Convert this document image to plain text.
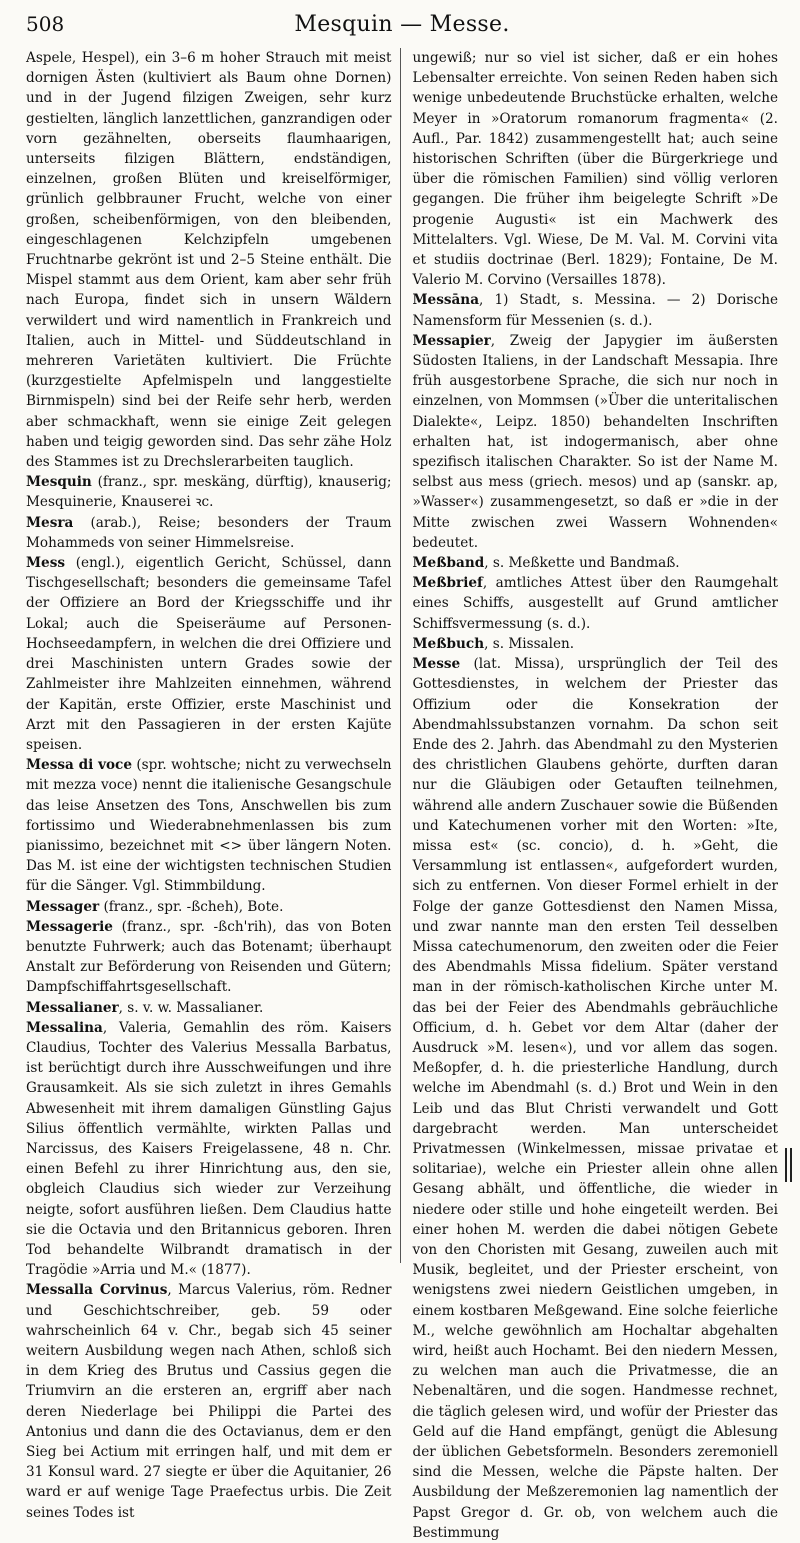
508	Mesquin — Messe.

Aspele, Hespel), ein 3–6 m hoher Strauch mit meist dornigen Ästen (kultiviert als Baum ohne Dornen) und in der Jugend filzigen Zweigen, sehr kurz gestielten, länglich lanzettlichen, ganzrandigen oder vorn gezähnelten, oberseits flaumhaarigen, unterseits filzigen Blättern, endständigen, einzelnen, großen Blüten und kreiselförmiger, grünlich gelbbrauner Frucht, welche von einer großen, scheibenförmigen, von den bleibenden, eingeschlagenen Kelchzipfeln umgebenen Fruchtnarbe gekrönt ist und 2–5 Steine enthält. Die Mispel stammt aus dem Orient, kam aber sehr früh nach Europa, findet sich in unsern Wäldern verwildert und wird namentlich in Frankreich und Italien, auch in Mittel- und Süddeutschland in mehreren Varietäten kultiviert. Die Früchte (kurzgestielte Apfelmispeln und langgestielte Birnmispeln) sind bei der Reife sehr herb, werden aber schmackhaft, wenn sie einige Zeit gelegen haben und teigig geworden sind. Das sehr zähe Holz des Stammes ist zu Drechslerarbeiten tauglich.

Mesquin (franz., spr. meskäng, dürftig), knauserig; Mesquinerie, Knauserei ꝛc.

Mesra (arab.), Reise; besonders der Traum Mohammeds von seiner Himmelsreise.

Mess (engl.), eigentlich Gericht, Schüssel, dann Tischgesellschaft; besonders die gemeinsame Tafel der Offiziere an Bord der Kriegsschiffe und ihr Lokal; auch die Speiseräume auf Personen-Hochseedampfern, in welchen die drei Offiziere und drei Maschinisten untern Grades sowie der Zahlmeister ihre Mahlzeiten einnehmen, während der Kapitän, erste Offizier, erste Maschinist und Arzt mit den Passagieren in der ersten Kajüte speisen.

Messa di voce (spr. wohtsche; nicht zu verwechseln mit mezza voce) nennt die italienische Gesangschule das leise Ansetzen des Tons, Anschwellen bis zum fortissimo und Wiederabnehmenlassen bis zum pianissimo, bezeichnet mit <> über längern Noten. Das M. ist eine der wichtigsten technischen Studien für die Sänger. Vgl. Stimmbildung.

Messager (franz., spr. -ßcheh), Bote.

Messagerie (franz., spr. -ßch'rih), das von Boten benutzte Fuhrwerk; auch das Botenamt; überhaupt Anstalt zur Beförderung von Reisenden und Gütern; Dampfschiffahrtsgesellschaft.

Messalianer, s. v. w. Massalianer.

Messalina, Valeria, Gemahlin des röm. Kaisers Claudius, Tochter des Valerius Messalla Barbatus, ist berüchtigt durch ihre Ausschweifungen und ihre Grausamkeit. Als sie sich zuletzt in ihres Gemahls Abwesenheit mit ihrem damaligen Günstling Gajus Silius öffentlich vermählte, wirkten Pallas und Narcissus, des Kaisers Freigelassene, 48 n. Chr. einen Befehl zu ihrer Hinrichtung aus, den sie, obgleich Claudius sich wieder zur Verzeihung neigte, sofort ausführen ließen. Dem Claudius hatte sie die Octavia und den Britannicus geboren. Ihren Tod behandelte Wilbrandt dramatisch in der Tragödie »Arria und M.« (1877).

Messalla Corvinus, Marcus Valerius, röm. Redner und Geschichtschreiber, geb. 59 oder wahrscheinlich 64 v. Chr., begab sich 45 seiner weitern Ausbildung wegen nach Athen, schloß sich in dem Krieg des Brutus und Cassius gegen die Triumvirn an die ersteren an, ergriff aber nach deren Niederlage bei Philippi die Partei des Antonius und dann die des Octavianus, dem er den Sieg bei Actium mit erringen half, und mit dem er 31 Konsul ward. 27 siegte er über die Aquitanier, 26 ward er auf wenige Tage Praefectus urbis. Die Zeit seines Todes ist

ungewiß; nur so viel ist sicher, daß er ein hohes Lebensalter erreichte. Von seinen Reden haben sich wenige unbedeutende Bruchstücke erhalten, welche Meyer in »Oratorum romanorum fragmenta« (2. Aufl., Par. 1842) zusammengestellt hat; auch seine historischen Schriften (über die Bürgerkriege und über die römischen Familien) sind völlig verloren gegangen. Die früher ihm beigelegte Schrift »De progenie Augusti« ist ein Machwerk des Mittelalters. Vgl. Wiese, De M. Val. M. Corvini vita et studiis doctrinae (Berl. 1829); Fontaine, De M. Valerio M. Corvino (Versailles 1878).

Messāna, 1) Stadt, s. Messina. — 2) Dorische Namensform für Messenien (s. d.).

Messapier, Zweig der Japygier im äußersten Südosten Italiens, in der Landschaft Messapia. Ihre früh ausgestorbene Sprache, die sich nur noch in einzelnen, von Mommsen (»Über die unteritalischen Dialekte«, Leipz. 1850) behandelten Inschriften erhalten hat, ist indogermanisch, aber ohne spezifisch italischen Charakter. So ist der Name M. selbst aus mess (griech. mesos) und ap (sanskr. ap, »Wasser«) zusammengesetzt, so daß er »die in der Mitte zwischen zwei Wassern Wohnenden« bedeutet.

Meßband, s. Meßkette und Bandmaß.

Meßbrief, amtliches Attest über den Raumgehalt eines Schiffs, ausgestellt auf Grund amtlicher Schiffsvermessung (s. d.).

Meßbuch, s. Missalen.

Messe (lat. Missa), ursprünglich der Teil des Gottesdienstes, in welchem der Priester das Offizium oder die Konsekration der Abendmahlssubstanzen vornahm. Da schon seit Ende des 2. Jahrh. das Abendmahl zu den Mysterien des christlichen Glaubens gehörte, durften daran nur die Gläubigen oder Getauften teilnehmen, während alle andern Zuschauer sowie die Büßenden und Katechumenen vorher mit den Worten: »Ite, missa est« (sc. concio), d. h. »Geht, die Versammlung ist entlassen«, aufgefordert wurden, sich zu entfernen. Von dieser Formel erhielt in der Folge der ganze Gottesdienst den Namen Missa, und zwar nannte man den ersten Teil desselben Missa catechumenorum, den zweiten oder die Feier des Abendmahls Missa fidelium. Später verstand man in der römisch-katholischen Kirche unter M. das bei der Feier des Abendmahls gebräuchliche Officium, d. h. Gebet vor dem Altar (daher der Ausdruck »M. lesen«), und vor allem das sogen. Meßopfer, d. h. die priesterliche Handlung, durch welche im Abendmahl (s. d.) Brot und Wein in den Leib und das Blut Christi verwandelt und Gott dargebracht werden. Man unterscheidet Privatmessen (Winkelmessen, missae privatae et solitariae), welche ein Priester allein ohne allen Gesang abhält, und öffentliche, die wieder in niedere oder stille und hohe eingeteilt werden. Bei einer hohen M. werden die dabei nötigen Gebete von den Choristen mit Gesang, zuweilen auch mit Musik, begleitet, und der Priester erscheint, von wenigstens zwei niedern Geistlichen umgeben, in einem kostbaren Meßgewand. Eine solche feierliche M., welche gewöhnlich am Hochaltar abgehalten wird, heißt auch Hochamt. Bei den niedern Messen, zu welchen man auch die Privatmesse, die an Nebenaltären, und die sogen. Handmesse rechnet, die täglich gelesen wird, und wofür der Priester das Geld auf die Hand empfängt, genügt die Ablesung der üblichen Gebetsformeln. Besonders zeremoniell sind die Messen, welche die Päpste halten. Der Ausbildung der Meßzeremonien lag namentlich der Papst Gregor d. Gr. ob, von welchem auch die Bestimmung
